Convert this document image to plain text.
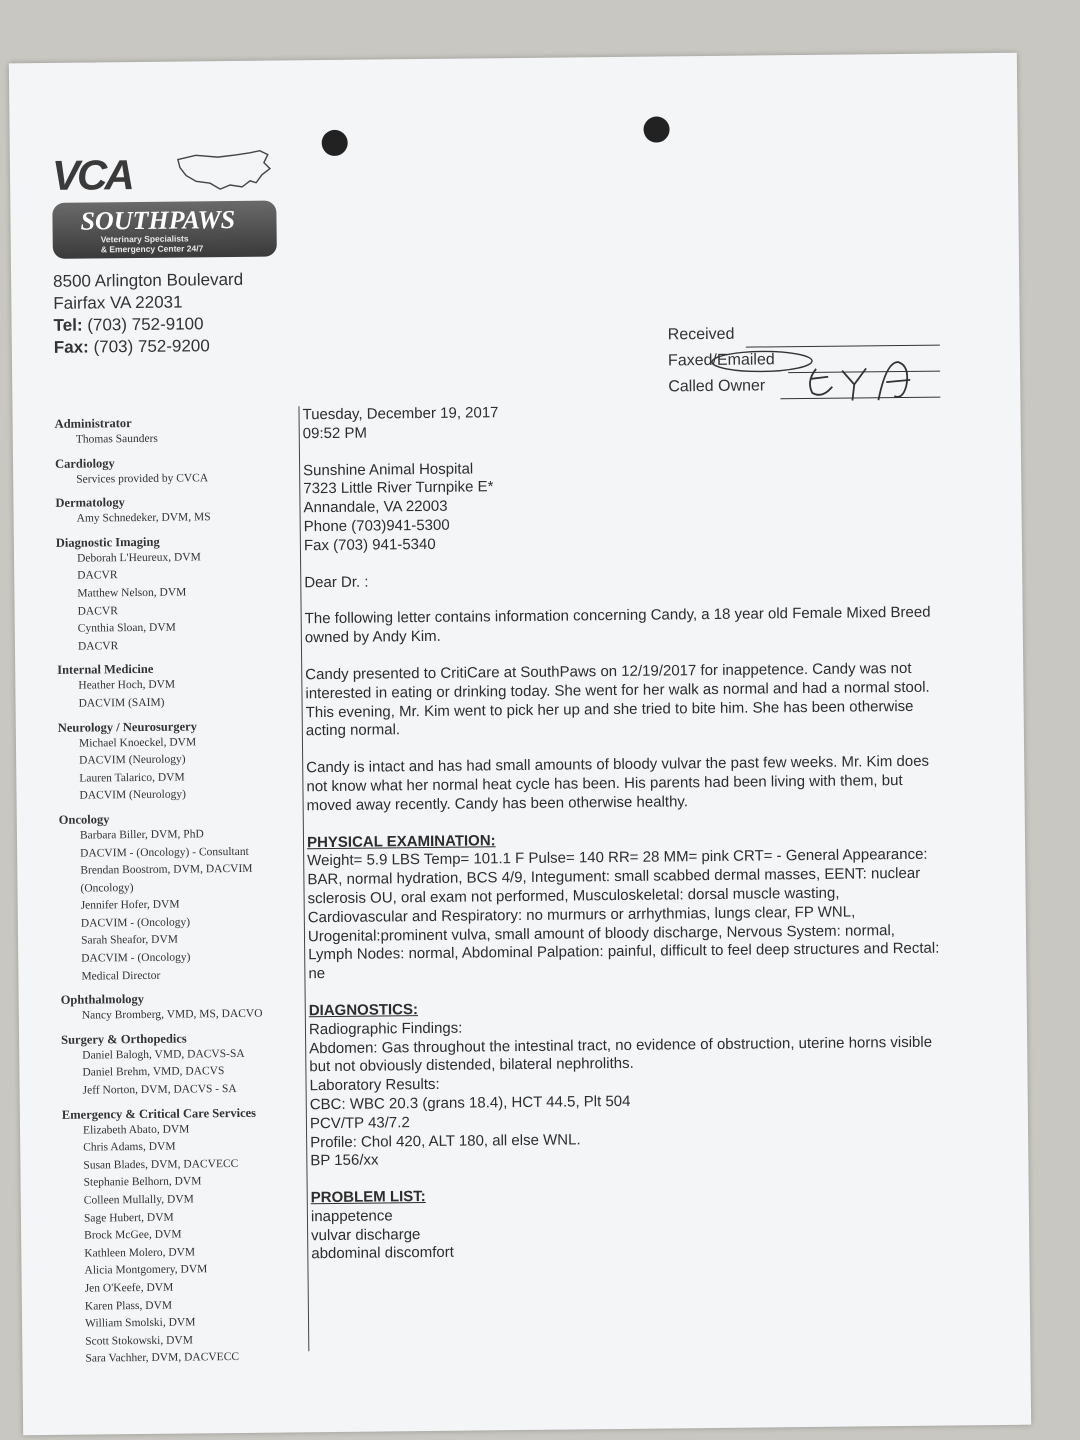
VCA
SOUTHPAWS
Veterinary Specialists
& Emergency Center 24/7
8500 Arlington Boulevard
Fairfax VA 22031
Tel: (703) 752-9100
Fax: (703) 752-9200
Received
Faxed/Emailed
Called Owner
Administrator
Thomas Saunders
Cardiology
Services provided by CVCA
Dermatology
Amy Schnedeker, DVM, MS
Diagnostic Imaging
Deborah L'Heureux, DVM
DACVR
Matthew Nelson, DVM
DACVR
Cynthia Sloan, DVM
DACVR
Internal Medicine
Heather Hoch, DVM
DACVIM (SAIM)
Neurology / Neurosurgery
Michael Knoeckel, DVM
DACVIM (Neurology)
Lauren Talarico, DVM
DACVIM (Neurology)
Oncology
Barbara Biller, DVM, PhD
DACVIM - (Oncology) - Consultant
Brendan Boostrom, DVM, DACVIM
(Oncology)
Jennifer Hofer, DVM
DACVIM - (Oncology)
Sarah Sheafor, DVM
DACVIM - (Oncology)
Medical Director
Ophthalmology
Nancy Bromberg, VMD, MS, DACVO
Surgery & Orthopedics
Daniel Balogh, VMD, DACVS-SA
Daniel Brehm, VMD, DACVS
Jeff Norton, DVM, DACVS - SA
Emergency & Critical Care Services
Elizabeth Abato, DVM
Chris Adams, DVM
Susan Blades, DVM, DACVECC
Stephanie Belhorn, DVM
Colleen Mullally, DVM
Sage Hubert, DVM
Brock McGee, DVM
Kathleen Molero, DVM
Alicia Montgomery, DVM
Jen O'Keefe, DVM
Karen Plass, DVM
William Smolski, DVM
Scott Stokowski, DVM
Sara Vachher, DVM, DACVECC

Tuesday, December 19, 2017

09:52 PM

Sunshine Animal Hospital

7323 Little River Turnpike E*

Annandale, VA 22003

Phone (703)941-5300

Fax (703) 941-5340

Dear Dr. :

The following letter contains information concerning Candy, a 18 year old Female Mixed Breed owned by Andy Kim.

Candy presented to CritiCare at SouthPaws on 12/19/2017 for inappetence. Candy was not interested in eating or drinking today. She went for her walk as normal and had a normal stool. This evening, Mr. Kim went to pick her up and she tried to bite him. She has been otherwise acting normal.

Candy is intact and has had small amounts of bloody vulvar the past few weeks. Mr. Kim does not know what her normal heat cycle has been. His parents had been living with them, but moved away recently. Candy has been otherwise healthy.

PHYSICAL EXAMINATION:

Weight= 5.9 LBS Temp= 101.1 F Pulse= 140 RR= 28 MM= pink CRT= - General Appearance: BAR, normal hydration, BCS 4/9, Integument: small scabbed dermal masses, EENT: nuclear sclerosis OU, oral exam not performed, Musculoskeletal: dorsal muscle wasting, Cardiovascular and Respiratory: no murmurs or arrhythmias, lungs clear, FP WNL, Urogenital:prominent vulva, small amount of bloody discharge, Nervous System: normal, Lymph Nodes: normal, Abdominal Palpation: painful, difficult to feel deep structures and Rectal: ne

DIAGNOSTICS:

Radiographic Findings:

Abdomen: Gas throughout the intestinal tract, no evidence of obstruction, uterine horns visible but not obviously distended, bilateral nephroliths.

Laboratory Results:

CBC: WBC 20.3 (grans 18.4), HCT 44.5, Plt 504

PCV/TP 43/7.2

Profile: Chol 420, ALT 180, all else WNL.

BP 156/xx

PROBLEM LIST:

inappetence

vulvar discharge

abdominal discomfort
